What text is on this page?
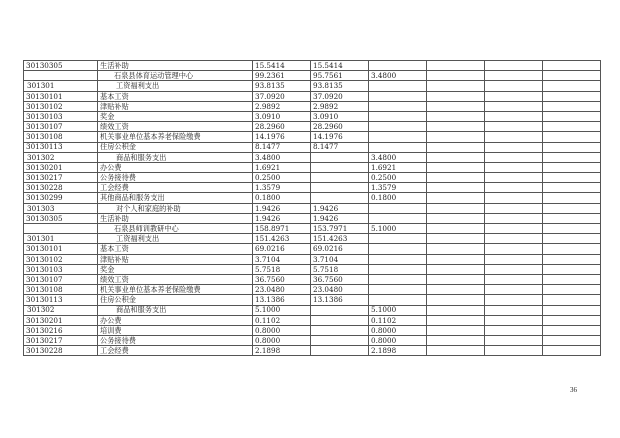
30130305	生活补助	15.5414	15.5414				
	石泉县体育运动管理中心	99.2361	95.7561	3.4800			
301301	工资福利支出	93.8135	93.8135				
30130101	基本工资	37.0920	37.0920				
30130102	津贴补贴	2.9892	2.9892				
30130103	奖金	3.0910	3.0910				
30130107	绩效工资	28.2960	28.2960				
30130108	机关事业单位基本养老保险缴费	14.1976	14.1976				
30130113	住房公积金	8.1477	8.1477				
301302	商品和服务支出	3.4800		3.4800			
30130201	办公费	1.6921		1.6921			
30130217	公务接待费	0.2500		0.2500			
30130228	工会经费	1.3579		1.3579			
30130299	其他商品和服务支出	0.1800		0.1800			
301303	对个人和家庭的补助	1.9426	1.9426				
30130305	生活补助	1.9426	1.9426				
	石泉县师训教研中心	158.8971	153.7971	5.1000			
301301	工资福利支出	151.4263	151.4263				
30130101	基本工资	69.0216	69.0216				
30130102	津贴补贴	3.7104	3.7104				
30130103	奖金	5.7518	5.7518				
30130107	绩效工资	36.7560	36.7560				
30130108	机关事业单位基本养老保险缴费	23.0480	23.0480				
30130113	住房公积金	13.1386	13.1386				
301302	商品和服务支出	5.1000		5.1000			
30130201	办公费	0.1102		0.1102			
30130216	培训费	0.8000		0.8000			
30130217	公务接待费	0.8000		0.8000			
30130228	工会经费	2.1898		2.1898			
36
